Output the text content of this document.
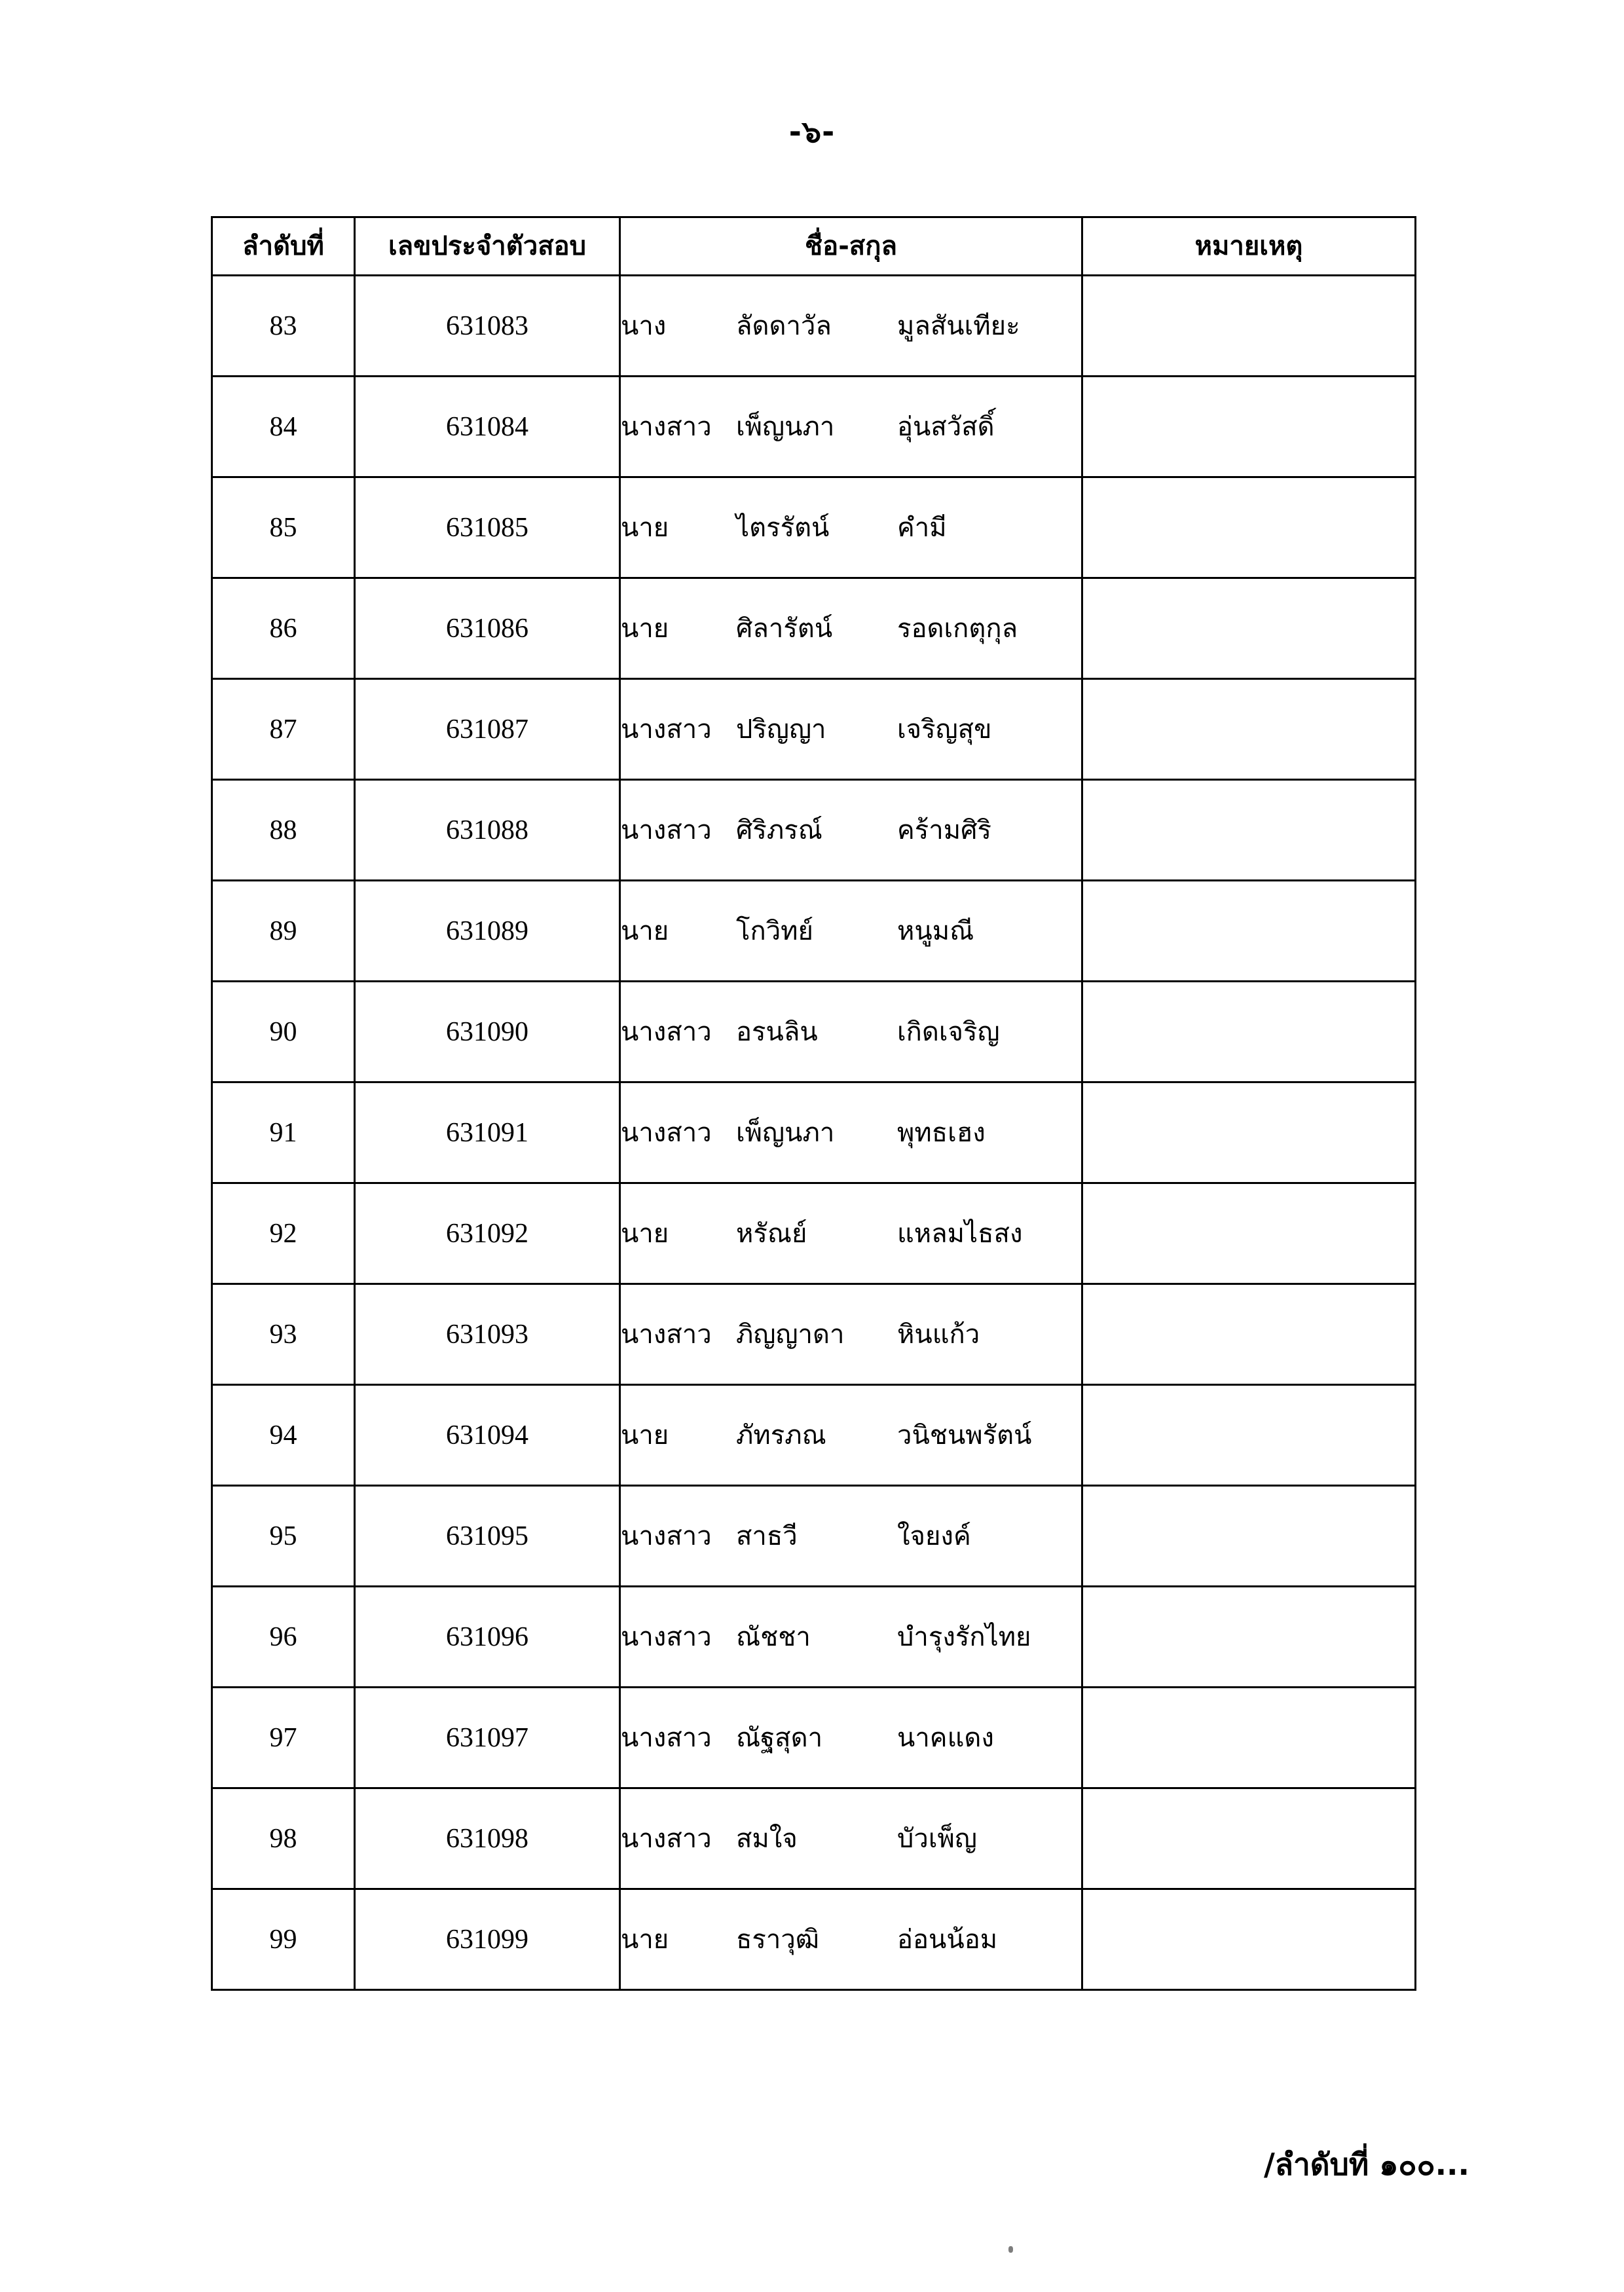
-๖-
ลำดับที่	เลขประจำตัวสอบ	ชื่อ-สกุล	หมายเหตุ
83	631083	นาง ลัดดาวัล มูลสันเทียะ	

84	631084	นางสาว เพ็ญนภา อุ่นสวัสดิ์	

85	631085	นาย ไตรรัตน์ คำมี	

86	631086	นาย ศิลารัตน์ รอดเกตุกุล	

87	631087	นางสาว ปริญญา เจริญสุข	

88	631088	นางสาว ศิริภรณ์ คร้ามศิริ	

89	631089	นาย โกวิทย์ หนูมณี	

90	631090	นางสาว อรนลิน เกิดเจริญ	

91	631091	นางสาว เพ็ญนภา พุทธเฮง	

92	631092	นาย หรัณย์ แหลมไธสง	

93	631093	นางสาว ภิญญาดา หินแก้ว	

94	631094	นาย ภัทรภณ วนิชนพรัตน์	

95	631095	นางสาว สาธวี ใจยงค์	

96	631096	นางสาว ณัชชา บำรุงรักไทย	

97	631097	นางสาว ณัฐสุดา นาคแดง	

98	631098	นางสาว สมใจ บัวเพ็ญ	

99	631099	นาย ธราวุฒิ อ่อนน้อม	

/ลำดับที่ ๑๐๐...
